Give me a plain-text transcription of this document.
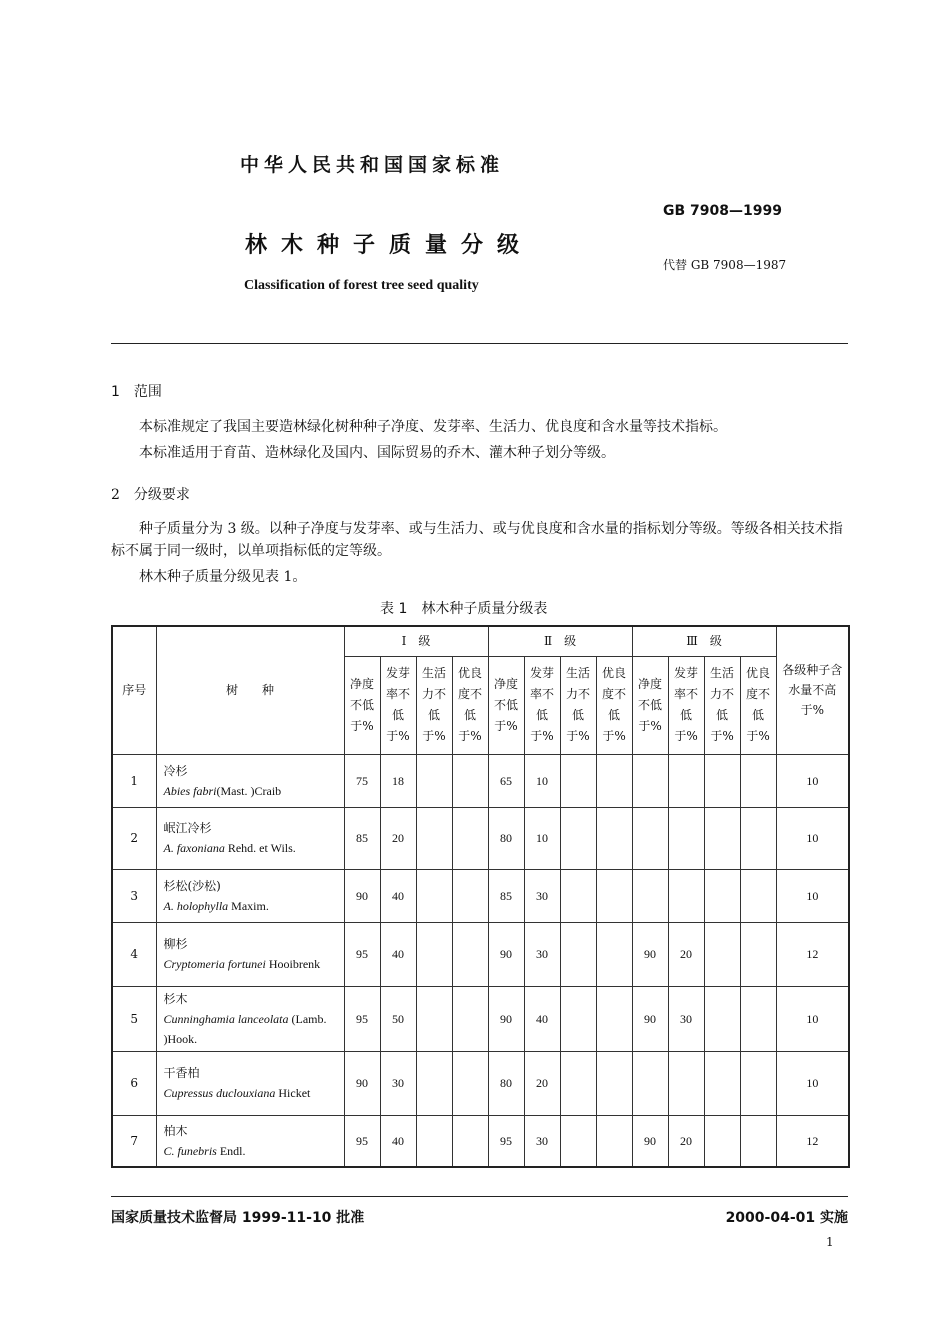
中华人民共和国国家标准
林木种子质量分级
Classification of forest tree seed quality
GB 7908—1999
代替 GB 7908—1987
1　范围
本标准规定了我国主要造林绿化树种种子净度、发芽率、生活力、优良度和含水量等技术指标。
本标准适用于育苗、造林绿化及国内、国际贸易的乔木、灌木种子划分等级。
2　分级要求
种子质量分为 3 级。以种子净度与发芽率、或与生活力、或与优良度和含水量的指标划分等级。等级各相关技术指标不属于同一级时，以单项指标低的定等级。
林木种子质量分级见表 1。
表 1　林木种子质量分级表
序号	树　　种	Ⅰ　级				Ⅱ　级				Ⅲ　级				各级种子含水量不高于%
		净度不低于%	发芽率不低于%	生活力不低于%	优良度不低于%	净度不低于%	发芽率不低于%	生活力不低于%	优良度不低于%	净度不低于%	发芽率不低于%	生活力不低于%	优良度不低于%	
1	冷杉
Abies fabri(Mast. )Craib	75	18			65	10							10
2	岷江冷杉
A. faxoniana Rehd. et Wils.	85	20			80	10							10
3	杉松(沙松)
A. holophylla Maxim.	90	40			85	30							10
4	柳杉
Cryptomeria fortunei Hooibrenk	95	40			90	30			90	20			12
5	杉木
Cunninghamia lanceolata (Lamb. )Hook.	95	50			90	40			90	30			10
6	干香柏
Cupressus duclouxiana Hicket	90	30			80	20							10
7	柏木
C. funebris Endl.	95	40			95	30			90	20			12
国家质量技术监督局 1999-11-10 批准	2000-04-01 实施
1
